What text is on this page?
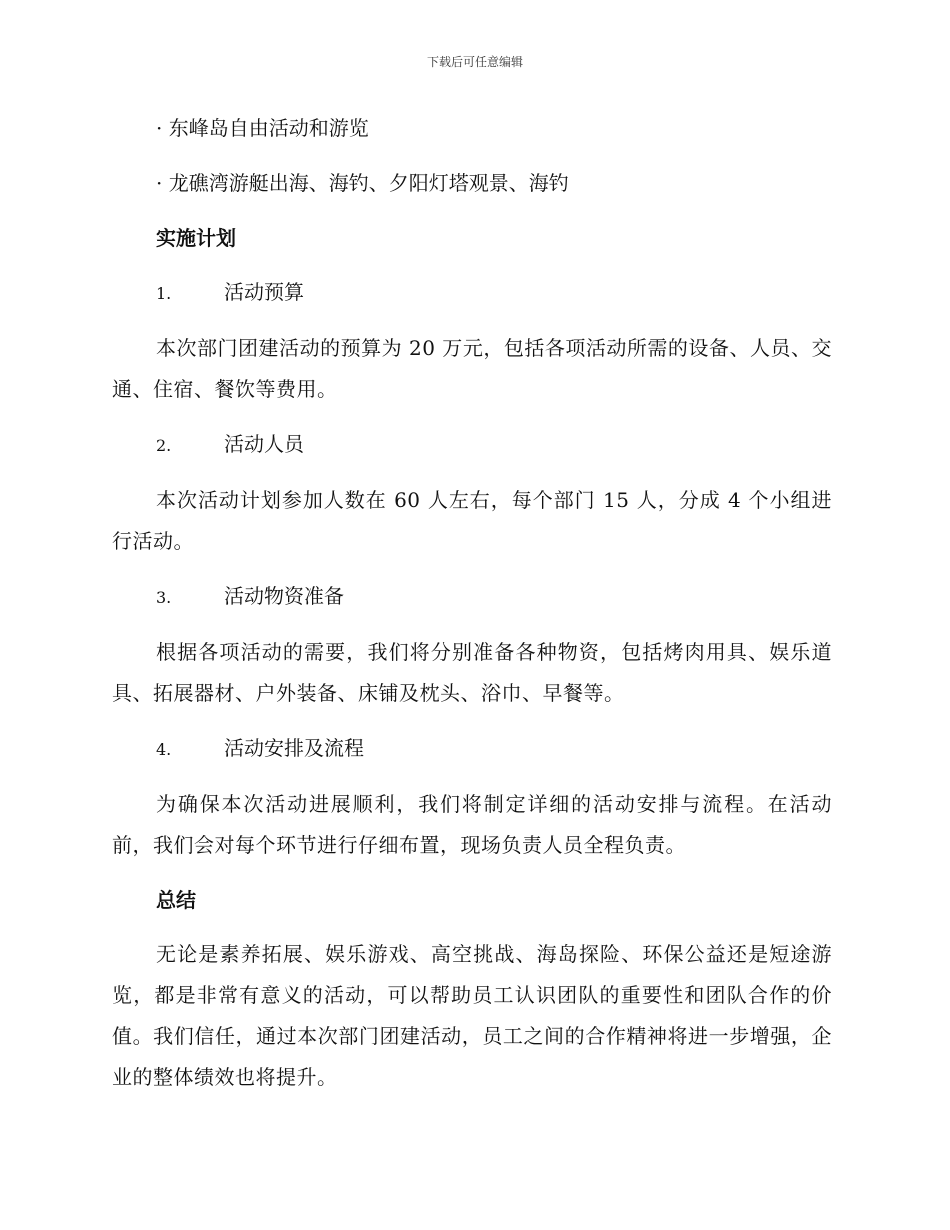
下载后可任意编辑
· 东峰岛自由活动和游览
· 龙礁湾游艇出海、海钓、夕阳灯塔观景、海钓
实施计划
1.	活动预算

本次部门团建活动的预算为 20 万元，包括各项活动所需的设备、人员、交通、住宿、餐饮等费用。

2.	活动人员

本次活动计划参加人数在 60 人左右，每个部门 15 人，分成 4 个小组进行活动。

3.	活动物资准备

根据各项活动的需要，我们将分别准备各种物资，包括烤肉用具、娱乐道具、拓展器材、户外装备、床铺及枕头、浴巾、早餐等。

4.	活动安排及流程

为确保本次活动进展顺利，我们将制定详细的活动安排与流程。在活动前，我们会对每个环节进行仔细布置，现场负责人员全程负责。

总结

无论是素养拓展、娱乐游戏、高空挑战、海岛探险、环保公益还是短途游览，都是非常有意义的活动，可以帮助员工认识团队的重要性和团队合作的价值。我们信任，通过本次部门团建活动，员工之间的合作精神将进一步增强，企业的整体绩效也将提升。
